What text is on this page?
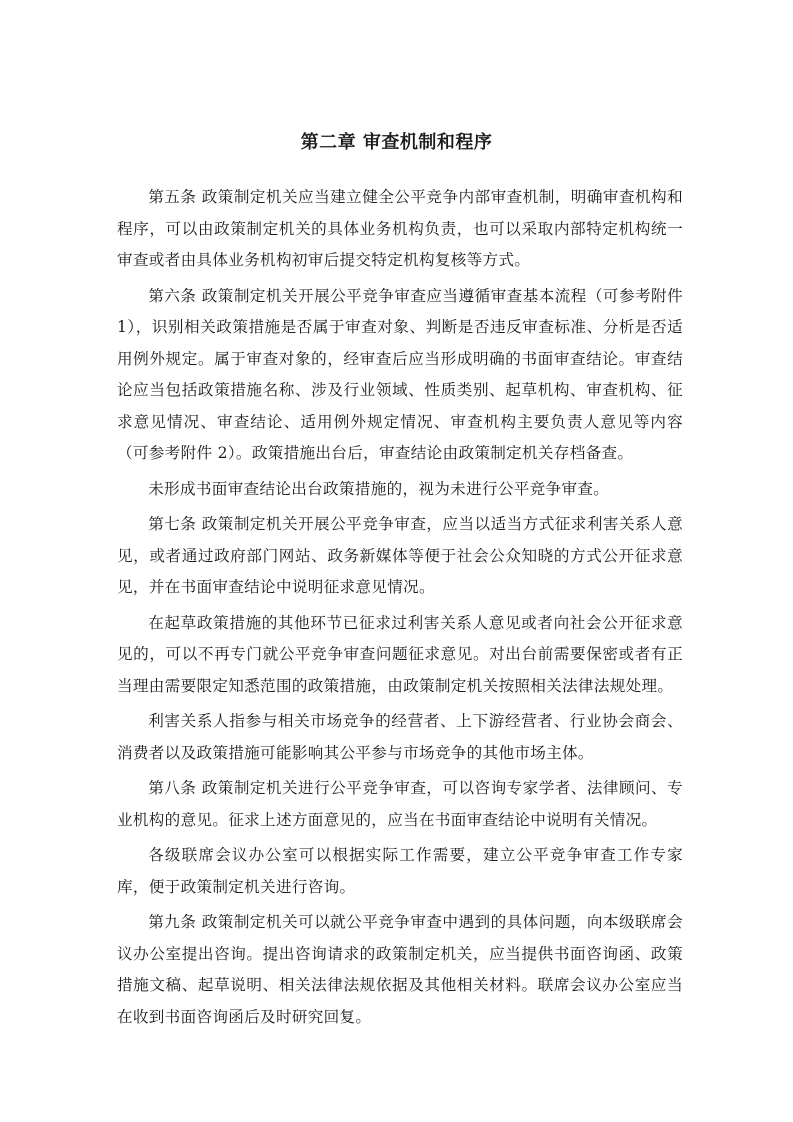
第二章 审查机制和程序

第五条 政策制定机关应当建立健全公平竞争内部审查机制，明确审查机构和程序，可以由政策制定机关的具体业务机构负责，也可以采取内部特定机构统一审查或者由具体业务机构初审后提交特定机构复核等方式。

第六条 政策制定机关开展公平竞争审查应当遵循审查基本流程（可参考附件 1），识别相关政策措施是否属于审查对象、判断是否违反审查标准、分析是否适用例外规定。属于审查对象的，经审查后应当形成明确的书面审查结论。审查结论应当包括政策措施名称、涉及行业领域、性质类别、起草机构、审查机构、征求意见情况、审查结论、适用例外规定情况、审查机构主要负责人意见等内容（可参考附件 2）。政策措施出台后，审查结论由政策制定机关存档备查。

未形成书面审查结论出台政策措施的，视为未进行公平竞争审查。

第七条 政策制定机关开展公平竞争审查，应当以适当方式征求利害关系人意见，或者通过政府部门网站、政务新媒体等便于社会公众知晓的方式公开征求意见，并在书面审查结论中说明征求意见情况。

在起草政策措施的其他环节已征求过利害关系人意见或者向社会公开征求意见的，可以不再专门就公平竞争审查问题征求意见。对出台前需要保密或者有正当理由需要限定知悉范围的政策措施，由政策制定机关按照相关法律法规处理。

利害关系人指参与相关市场竞争的经营者、上下游经营者、行业协会商会、消费者以及政策措施可能影响其公平参与市场竞争的其他市场主体。

第八条 政策制定机关进行公平竞争审查，可以咨询专家学者、法律顾问、专业机构的意见。征求上述方面意见的，应当在书面审查结论中说明有关情况。

各级联席会议办公室可以根据实际工作需要，建立公平竞争审查工作专家库，便于政策制定机关进行咨询。

第九条 政策制定机关可以就公平竞争审查中遇到的具体问题，向本级联席会议办公室提出咨询。提出咨询请求的政策制定机关，应当提供书面咨询函、政策措施文稿、起草说明、相关法律法规依据及其他相关材料。联席会议办公室应当在收到书面咨询函后及时研究回复。
